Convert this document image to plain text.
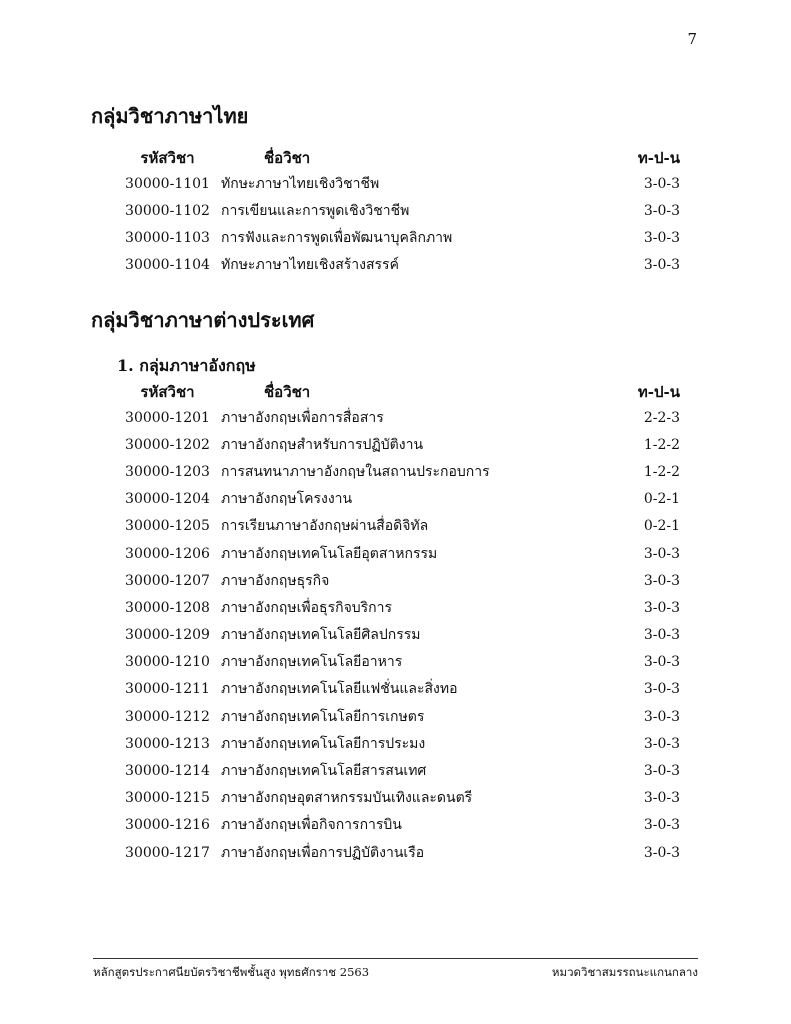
7
กลุ่มวิชาภาษาไทย
รหัสวิชา	ชื่อวิชา	ท-ป-น
30000-1101	ทักษะภาษาไทยเชิงวิชาชีพ	3-0-3
30000-1102	การเขียนและการพูดเชิงวิชาชีพ	3-0-3
30000-1103	การฟังและการพูดเพื่อพัฒนาบุคลิกภาพ	3-0-3
30000-1104	ทักษะภาษาไทยเชิงสร้างสรรค์	3-0-3
กลุ่มวิชาภาษาต่างประเทศ
1. กลุ่มภาษาอังกฤษ
รหัสวิชา	ชื่อวิชา	ท-ป-น
30000-1201	ภาษาอังกฤษเพื่อการสื่อสาร	2-2-3
30000-1202	ภาษาอังกฤษสำหรับการปฏิบัติงาน	1-2-2
30000-1203	การสนทนาภาษาอังกฤษในสถานประกอบการ	1-2-2
30000-1204	ภาษาอังกฤษโครงงาน	0-2-1
30000-1205	การเรียนภาษาอังกฤษผ่านสื่อดิจิทัล	0-2-1
30000-1206	ภาษาอังกฤษเทคโนโลยีอุตสาหกรรม	3-0-3
30000-1207	ภาษาอังกฤษธุรกิจ	3-0-3
30000-1208	ภาษาอังกฤษเพื่อธุรกิจบริการ	3-0-3
30000-1209	ภาษาอังกฤษเทคโนโลยีศิลปกรรม	3-0-3
30000-1210	ภาษาอังกฤษเทคโนโลยีอาหาร	3-0-3
30000-1211	ภาษาอังกฤษเทคโนโลยีแฟชั่นและสิ่งทอ	3-0-3
30000-1212	ภาษาอังกฤษเทคโนโลยีการเกษตร	3-0-3
30000-1213	ภาษาอังกฤษเทคโนโลยีการประมง	3-0-3
30000-1214	ภาษาอังกฤษเทคโนโลยีสารสนเทศ	3-0-3
30000-1215	ภาษาอังกฤษอุตสาหกรรมบันเทิงและดนตรี	3-0-3
30000-1216	ภาษาอังกฤษเพื่อกิจการการบิน	3-0-3
30000-1217	ภาษาอังกฤษเพื่อการปฏิบัติงานเรือ	3-0-3
หลักสูตรประกาศนียบัตรวิชาชีพชั้นสูง พุทธศักราช 2563	หมวดวิชาสมรรถนะแกนกลาง
